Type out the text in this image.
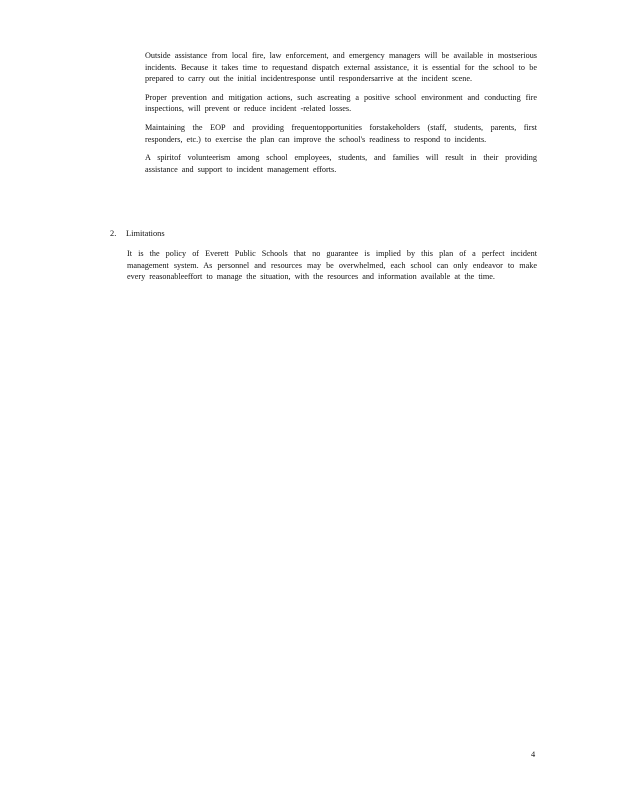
Outside assistance from local fire, law enforcement, and emergency managers will be available in mostserious incidents. Because it takes time to requestand dispatch external assistance, it is essential for the school to be prepared to carry out the initial incidentresponse until respondersarrive at the incident scene.
Proper prevention and mitigation actions, such ascreating a positive school environment and conducting fire inspections, will prevent or reduce incident -related losses.
Maintaining the EOP and providing frequentopportunities forstakeholders (staff, students, parents, first responders, etc.) to exercise the plan can improve the school's readiness to respond to incidents.
A spiritof volunteerism among school employees, students, and families will result in their providing assistance and support to incident management efforts.
2. Limitations
It is the policy of Everett Public Schools that no guarantee is implied by this plan of a perfect incident management system. As personnel and resources may be overwhelmed, each school can only endeavor to make every reasonableeffort to manage the situation, with the resources and information available at the time.
4
